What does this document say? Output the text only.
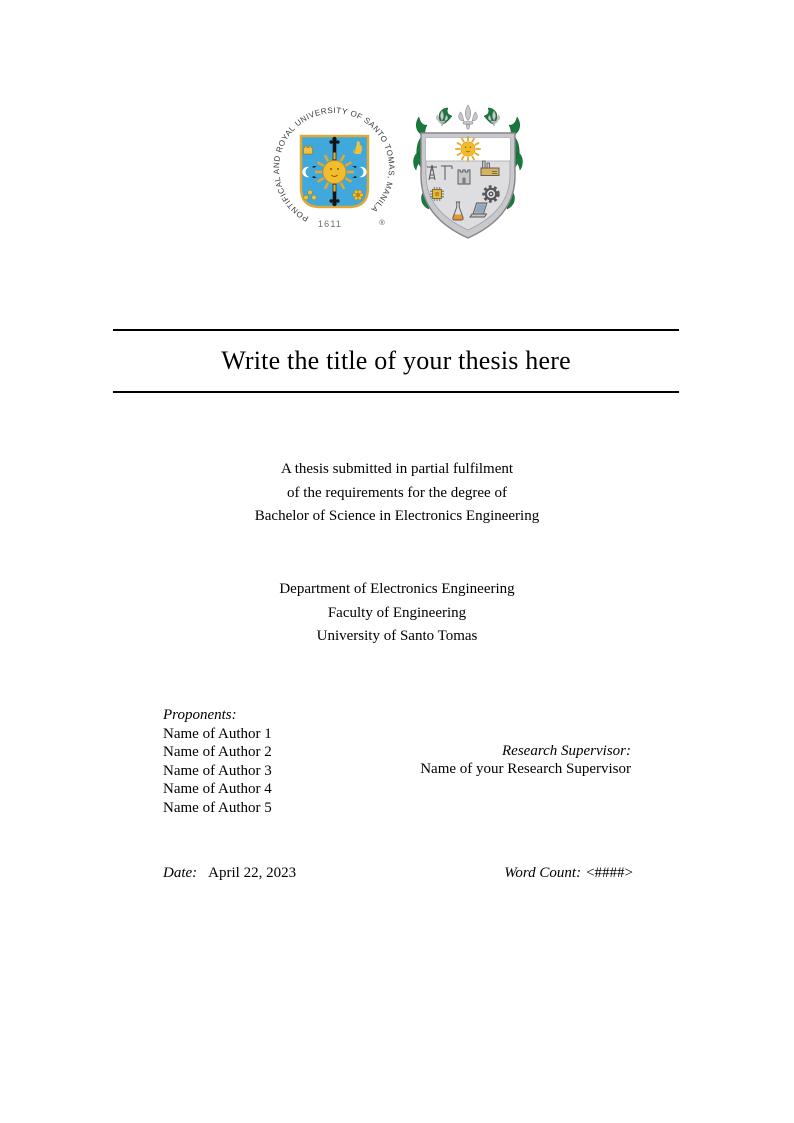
PONTIFICAL AND ROYAL UNIVERSITY OF SANTO TOMAS, MANILA
1611	®
Write the title of your thesis here
A thesis submitted in partial fulfilment
of the requirements for the degree of
Bachelor of Science in Electronics Engineering
Department of Electronics Engineering
Faculty of Engineering
University of Santo Tomas
Proponents:
Name of Author 1
Name of Author 2
Name of Author 3
Name of Author 4
Name of Author 5
Research Supervisor:
Name of your Research Supervisor
Date: April 22, 2023	Word Count: <####>
